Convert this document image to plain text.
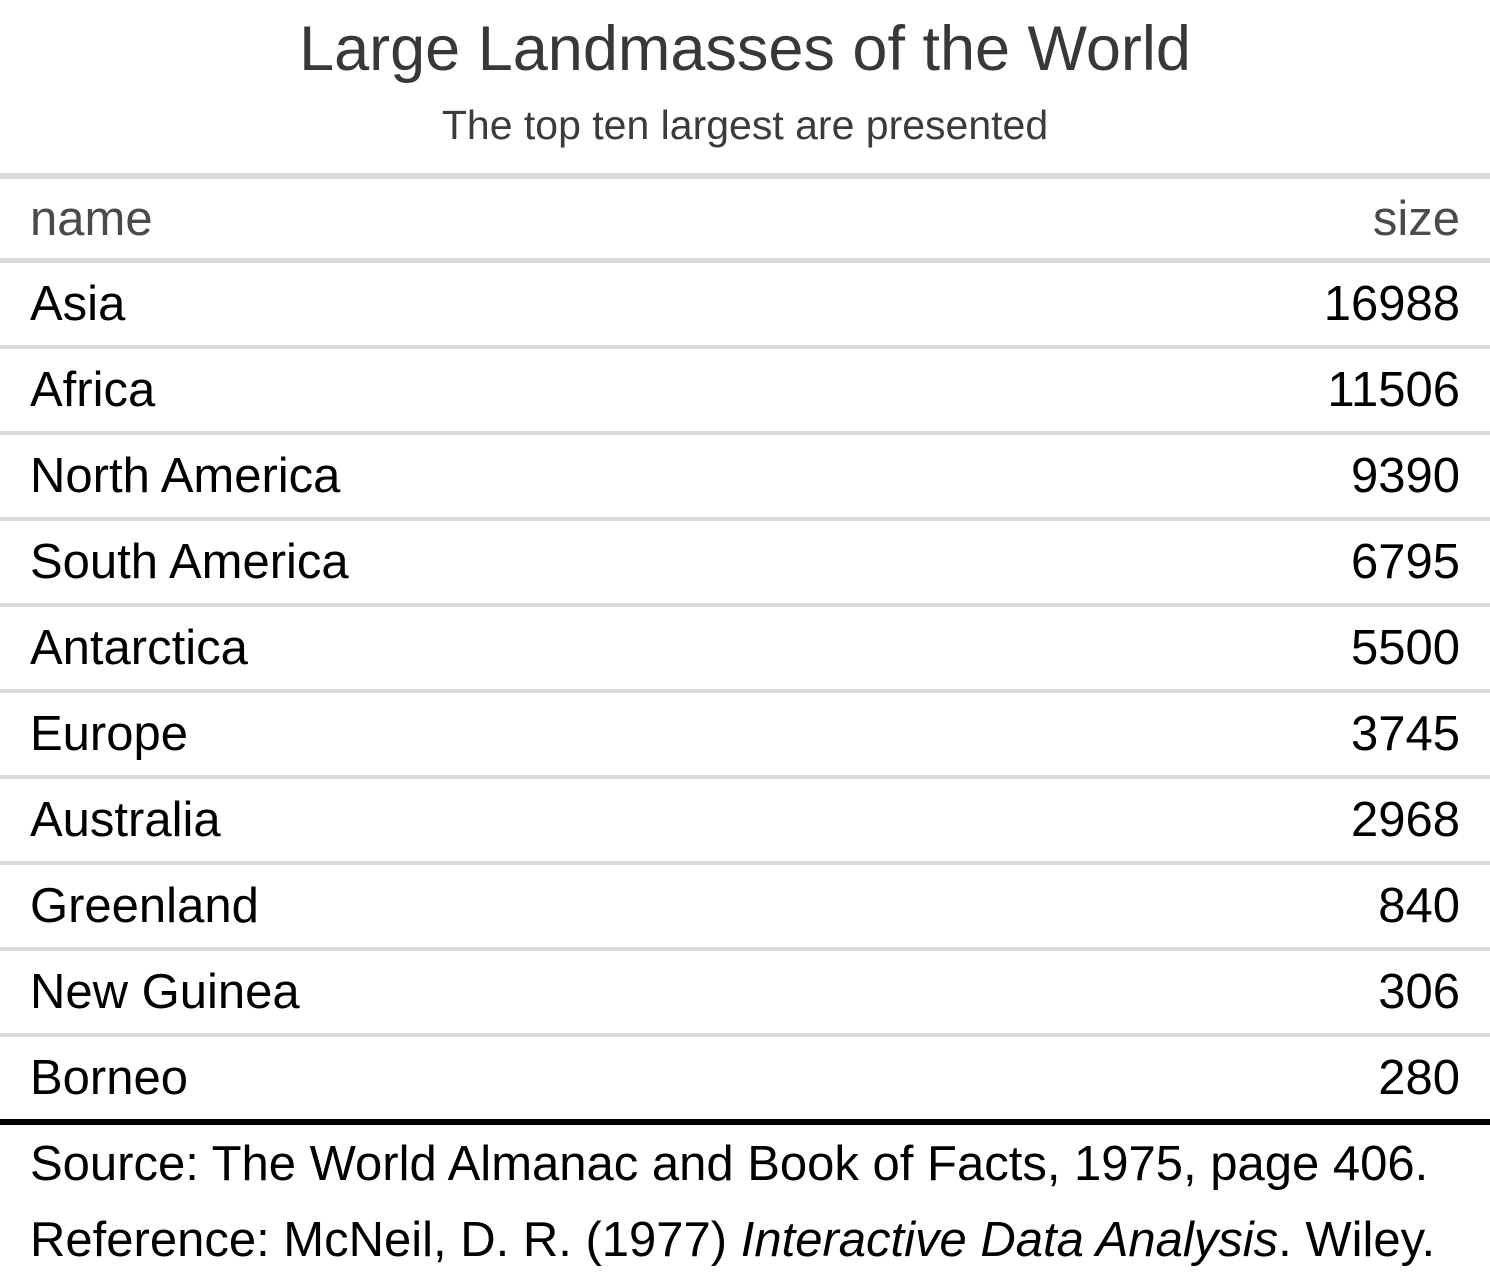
Large Landmasses of the World
The top ten largest are presented
name	size
Asia	16988
Africa	11506
North America	9390
South America	6795
Antarctica	5500
Europe	3745
Australia	2968
Greenland	840
New Guinea	306
Borneo	280
Source: The World Almanac and Book of Facts, 1975, page 406.
Reference: McNeil, D. R. (1977) Interactive Data Analysis . Wiley.
